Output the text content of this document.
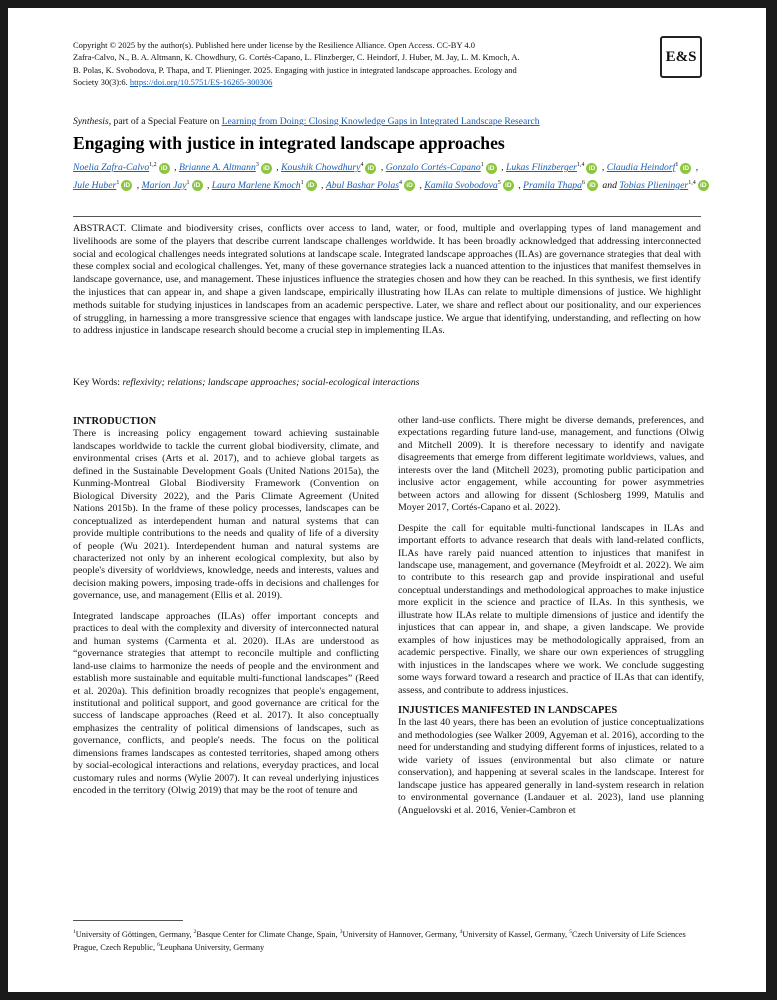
Copyright © 2025 by the author(s). Published here under license by the Resilience Alliance. Open Access. CC-BY 4.0
Zafra-Calvo, N., B. A. Altmann, K. Chowdhury, G. Cortés-Capano, L. Flinzberger, C. Heindorf, J. Huber, M. Jay, L. M. Kmoch, A.
B. Polas, K. Svobodova, P. Thapa, and T. Plieninger. 2025. Engaging with justice in integrated landscape approaches. Ecology and
Society 30(3):6. https://doi.org/10.5751/ES-16265-300306
E&S
Synthesis, part of a Special Feature on Learning from Doing: Closing Knowledge Gaps in Integrated Landscape Research
Engaging with justice in integrated landscape approaches
Noelia Zafra-Calvo$^{1,2}$ iD , Brianne A. Altmann$^3$ iD , Koushik Chowdhury$^4$ iD , Gonzalo Cortés-Capano$^1$ iD , Lukas Flinzberger$^{1,4}$ iD , Claudia Heindorf$^1$ iD , Jule Huber$^1$ iD , Marion Jay$^1$ iD , Laura Marlene Kmoch$^1$ iD , Abul Bashar Polas$^4$ iD , Kamila Svobodova$^5$ iD , Pramila Thapa$^6$ iD and Tobias Plieninger$^{1,4}$ iD
ABSTRACT. Climate and biodiversity crises, conflicts over access to land, water, or food, multiple and overlapping types of land management and livelihoods are some of the players that describe current landscape challenges worldwide. It has been broadly acknowledged that addressing interconnected social and ecological challenges needs integrated solutions at landscape scale. Integrated landscape approaches (ILAs) are governance strategies that deal with these complex social and ecological challenges. Yet, many of these governance strategies lack a nuanced attention to the injustices that manifest themselves in landscape governance, use, and management. These injustices influence the strategies chosen and how they can be reached. In this synthesis, we first identify the injustices that can appear in, and shape a given landscape, empirically illustrating how ILAs can relate to multiple dimensions of justice. We highlight methods suitable for studying injustices in landscapes from an academic perspective. Later, we share and reflect about our positionality, and our experiences of struggling, in harnessing a more transgressive science that engages with landscape justice. We argue that identifying, understanding, and reflecting on how to address injustice in landscape research should become a crucial step in implementing ILAs.
Key Words: reflexivity; relations; landscape approaches; social-ecological interactions
INTRODUCTION

There is increasing policy engagement toward achieving sustainable landscapes worldwide to tackle the current global biodiversity, climate, and environmental crises (Arts et al. 2017), and to achieve global targets as defined in the Sustainable Development Goals (United Nations 2015a), the Kunming-Montreal Global Biodiversity Framework (Convention on Biological Diversity 2022), and the Paris Climate Agreement (United Nations 2015b). In the frame of these policy processes, landscapes can be conceptualized as interdependent human and natural systems that can provide multiple contributions to the needs and quality of life of a diversity of people (Wu 2021). Interdependent human and natural systems are characterized not only by an inherent ecological complexity, but also by people's diversity of worldviews, knowledge, needs and interests, values and decision making powers, imposing trade-offs in decisions and challenges for governance, use, and management (Ellis et al. 2019).

Integrated landscape approaches (ILAs) offer important concepts and practices to deal with the complexity and diversity of interconnected natural and human systems (Carmenta et al. 2020). ILAs are understood as “governance strategies that attempt to reconcile multiple and conflicting land-use claims to harmonize the needs of people and the environment and establish more sustainable and equitable multi-functional landscapes” (Reed et al. 2020a). This definition broadly recognizes that people's engagement, institutional and political support, and good governance are critical for the success of landscape approaches (Reed et al. 2017). It also conceptually emphasizes the centrality of political dimensions of landscapes, such as governance, conflicts, and people's needs. The focus on the political dimensions frames landscapes as contested territories, shaped among others by social-ecological interactions and relations, everyday practices, and local customary rules and norms (Wylie 2007). It can reveal underlying injustices encoded in the territory (Olwig 2019) that may be the root of tenure and

other land-use conflicts. There might be diverse demands, preferences, and expectations regarding future land-use, management, and functions (Olwig and Mitchell 2009). It is therefore necessary to identify and navigate disagreements that emerge from different legitimate worldviews, values, and interests over the land (Mitchell 2023), promoting public participation and inclusive actor engagement, while accounting for power asymmetries between actors and allowing for dissent (Schlosberg 1999, Matulis and Moyer 2017, Cortés-Capano et al. 2022).

Despite the call for equitable multi-functional landscapes in ILAs and important efforts to advance research that deals with land-related conflicts, ILAs have rarely paid nuanced attention to injustices that manifest in landscape use, management, and governance (Meyfroidt et al. 2022). We aim to contribute to this research gap and provide inspirational and useful conceptual understandings and methodological approaches to make injustice more explicit in the science and practice of ILAs. In this synthesis, we illustrate how ILAs relate to multiple dimensions of justice and identify the injustices that can appear in, and shape, a given landscape. We provide examples of how injustices may be methodologically appraised, from an academic perspective. Finally, we share our own experiences of struggling with injustices in the landscapes where we work. We conclude suggesting some ways forward toward a research and practice of ILAs that can identify, assess, and contribute to address injustices.

INJUSTICES MANIFESTED IN LANDSCAPES

In the last 40 years, there has been an evolution of justice conceptualizations and methodologies (see Walker 2009, Agyeman et al. 2016), according to the need for understanding and studying different forms of injustices, related to a wide variety of issues (environmental but also climate or nature conservation), and happening at several scales in the landscape. Interest for landscape justice has appeared generally in land-system research in relation to environmental governance (Landauer et al. 2023), land use planning (Anguelovski et al. 2016, Venier-Cambron et

$^1$University of Göttingen, Germany, $^2$Basque Center for Climate Change, Spain, $^3$University of Hannover, Germany, $^4$University of Kassel, Germany, $^5$Czech University of Life Sciences Prague, Czech Republic, $^6$Leuphana University, Germany
